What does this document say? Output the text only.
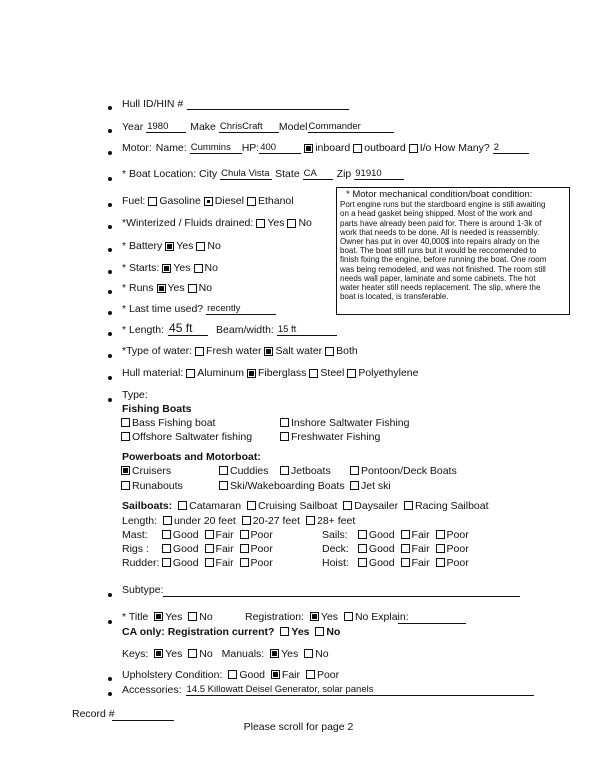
Hull ID/HIN #
Year 1980	Make ChrisCraft	Model Commander
Motor: Name: Cummins	HP: 400	inboard outboard I/o How Many? 2
* Boat Location: City Chula Vista State CA	Zip 91910
* Motor mechanical condition/boat condition:
Port engine runs but the stardboard engine is still awaiting
on a head gasket being shipped. Most of the work and
parts have already been paid for. There is around 1-3k of
work that needs to be done. All is needed is reassembly.
Owner has put in over 40,000$ into repairs alrady on the
boat. The boat still runs but it would be reccomended to
finish fixing the engine, before running the boat. One room
was being remodeled, and was not finished. The room still
needs wall paper, laminate and some cabinets. The hot
water heater still needs replacement. The slip, where the
boat is located, is transferable.
Fuel: Gasoline Diesel Ethanol
*Winterized / Fluids drained: Yes No
* Battery Yes No
* Starts: Yes No
* Runs Yes No
* Last time used? recently
* Length: 45 ft	Beam/width: 15 ft
*Type of water: Fresh water Salt water Both
Hull material: Aluminum Fiberglass Steel Polyethylene
Type:
Fishing Boats
Bass Fishing boat	Inshore Saltwater Fishing
Offshore Saltwater fishing	Freshwater Fishing
Powerboats and Motorboat:
Cruisers	Cuddies	Jetboats	Pontoon/Deck Boats
Runabouts	Ski/Wakeboarding Boats	Jet ski
Sailboats: Catamaran Cruising Sailboat Daysailer Racing Sailboat
Length: under 20 feet 20-27 feet 28+ feet
Mast: Good Fair Poor	Sails: Good Fair Poor
Rigs : Good Fair Poor	Deck: Good Fair Poor
Rudder: Good Fair Poor	Hoist: Good Fair Poor
Subtype:
* Title Yes No	Registration: Yes No Explain:
CA only: Registration current? Yes No
Keys: Yes No Manuals: Yes No
Upholstery Condition: Good Fair Poor
Accessories: 14.5 Killowatt Deisel Generator, solar panels
Record #
Please scroll for page 2
